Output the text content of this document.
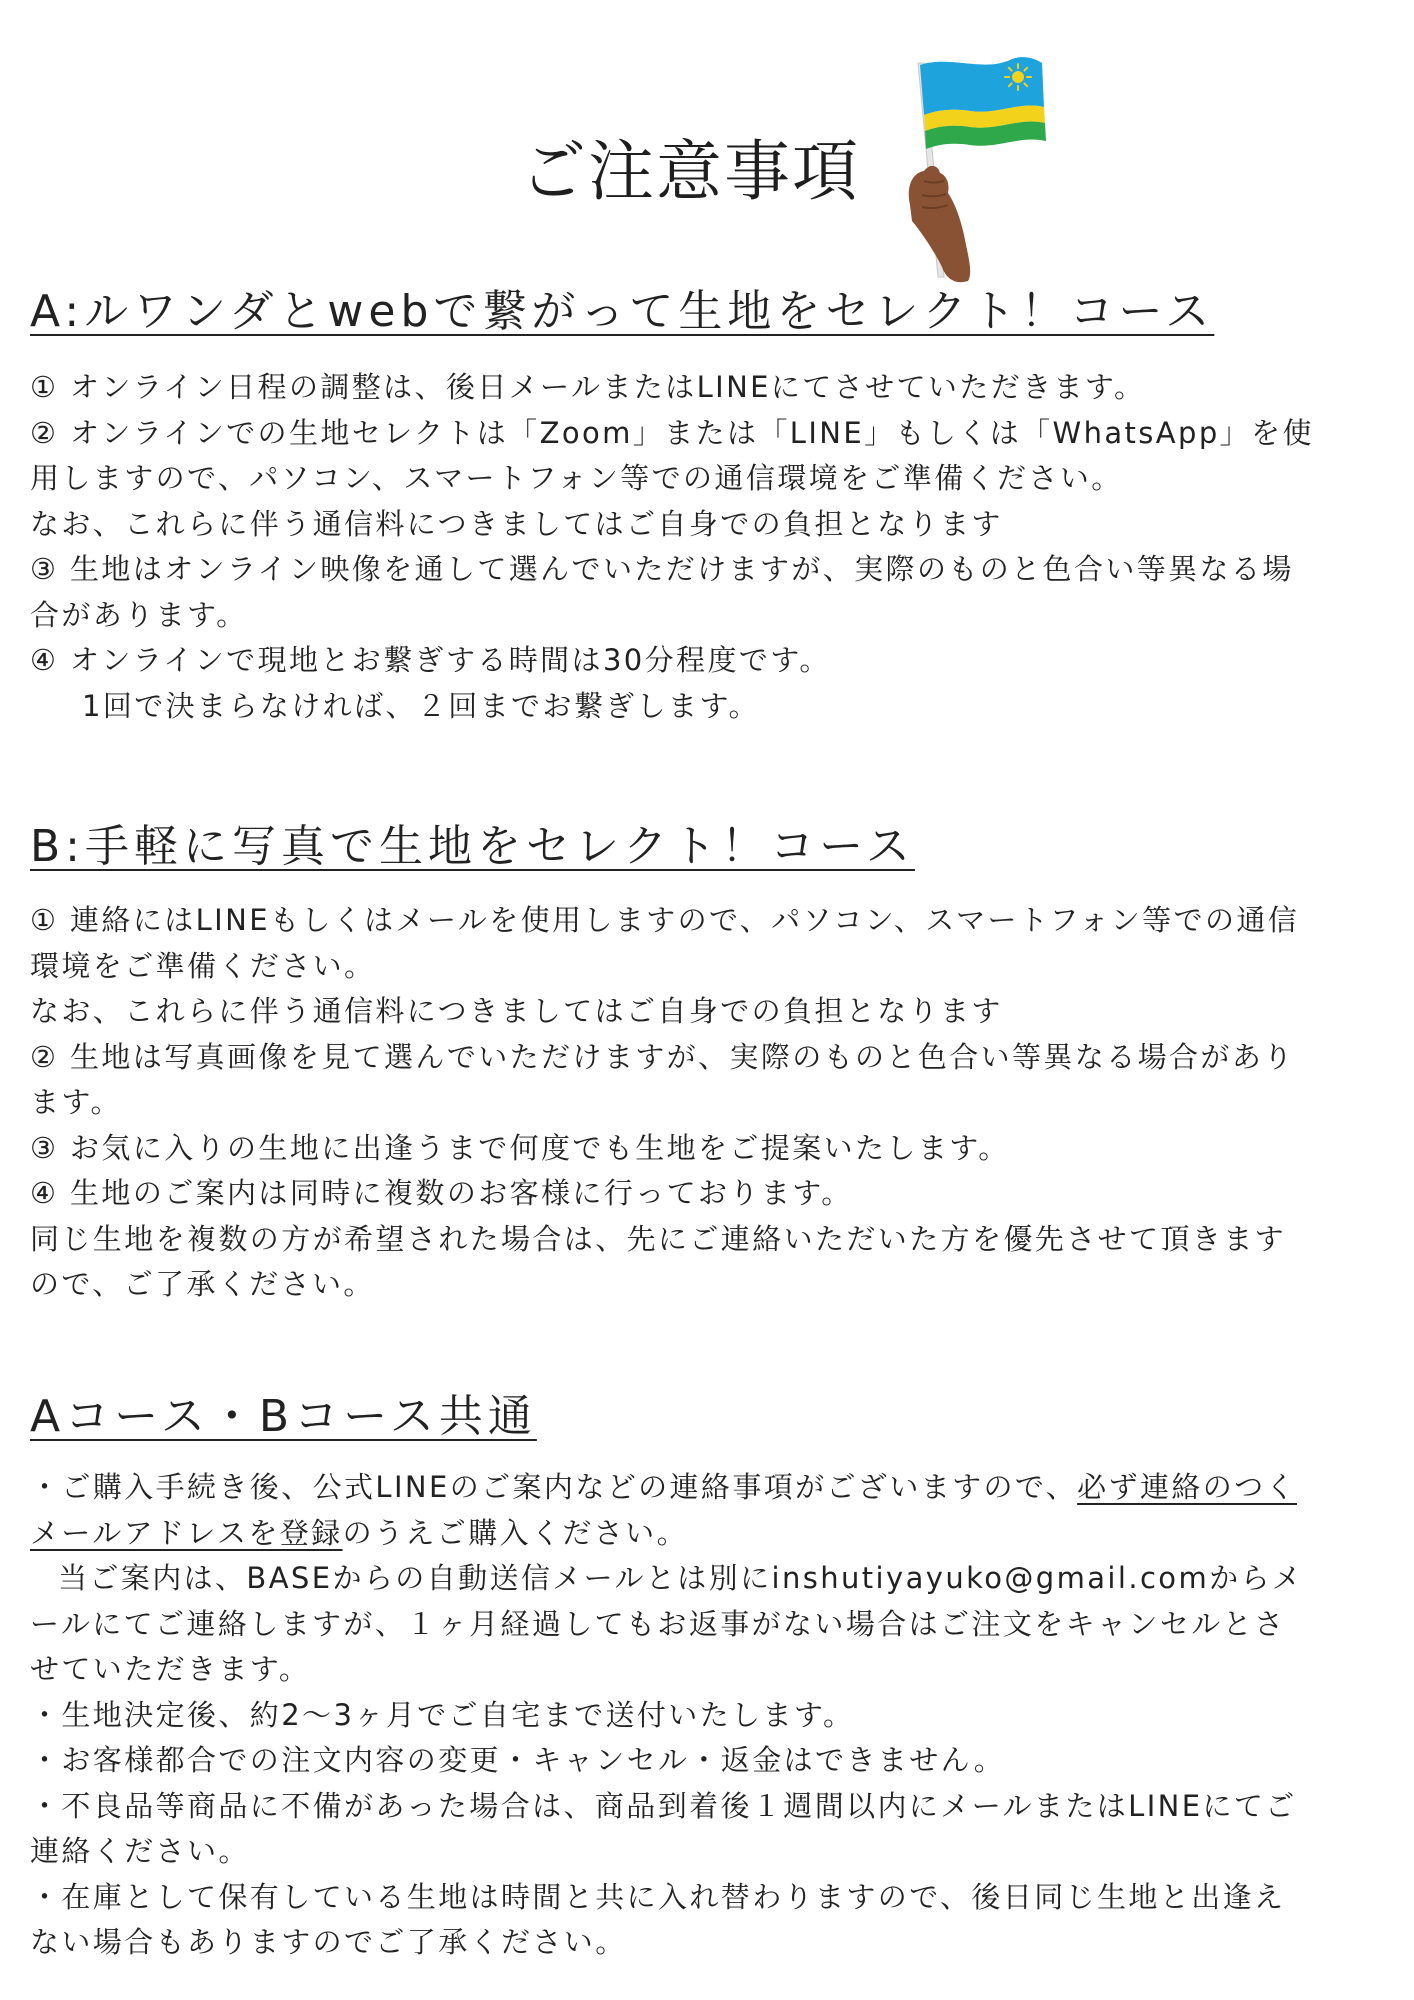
ご注意事項
A:ルワンダとwebで繋がって生地をセレクト！コース
① オンライン日程の調整は、後日メールまたはLINEにてさせていただきます。
② オンラインでの生地セレクトは「Zoom」または「LINE」もしくは「WhatsApp」を使
用しますので、パソコン、スマートフォン等での通信環境をご準備ください。
なお、これらに伴う通信料につきましてはご自身での負担となります
③ 生地はオンライン映像を通して選んでいただけますが、実際のものと色合い等異なる場
合があります。
④ オンラインで現地とお繋ぎする時間は30分程度です。
1回で決まらなければ、２回までお繋ぎします。
B:手軽に写真で生地をセレクト！コース
① 連絡にはLINEもしくはメールを使用しますので、パソコン、スマートフォン等での通信
環境をご準備ください。
なお、これらに伴う通信料につきましてはご自身での負担となります
② 生地は写真画像を見て選んでいただけますが、実際のものと色合い等異なる場合があり
ます。
③ お気に入りの生地に出逢うまで何度でも生地をご提案いたします。
④ 生地のご案内は同時に複数のお客様に行っております。
同じ生地を複数の方が希望された場合は、先にご連絡いただいた方を優先させて頂きます
ので、ご了承ください。
Aコース・Bコース共通
・ご購入手続き後、公式LINEのご案内などの連絡事項がございますので、必ず連絡のつく
メールアドレスを登録のうえご購入ください。
当ご案内は、BASEからの自動送信メールとは別にinshutiyayuko@gmail.comからメ
ールにてご連絡しますが、１ヶ月経過してもお返事がない場合はご注文をキャンセルとさ
せていただきます。
・生地決定後、約2〜3ヶ月でご自宅まで送付いたします。
・お客様都合での注文内容の変更・キャンセル・返金はできません。
・不良品等商品に不備があった場合は、商品到着後１週間以内にメールまたはLINEにてご
連絡ください。
・在庫として保有している生地は時間と共に入れ替わりますので、後日同じ生地と出逢え
ない場合もありますのでご了承ください。
